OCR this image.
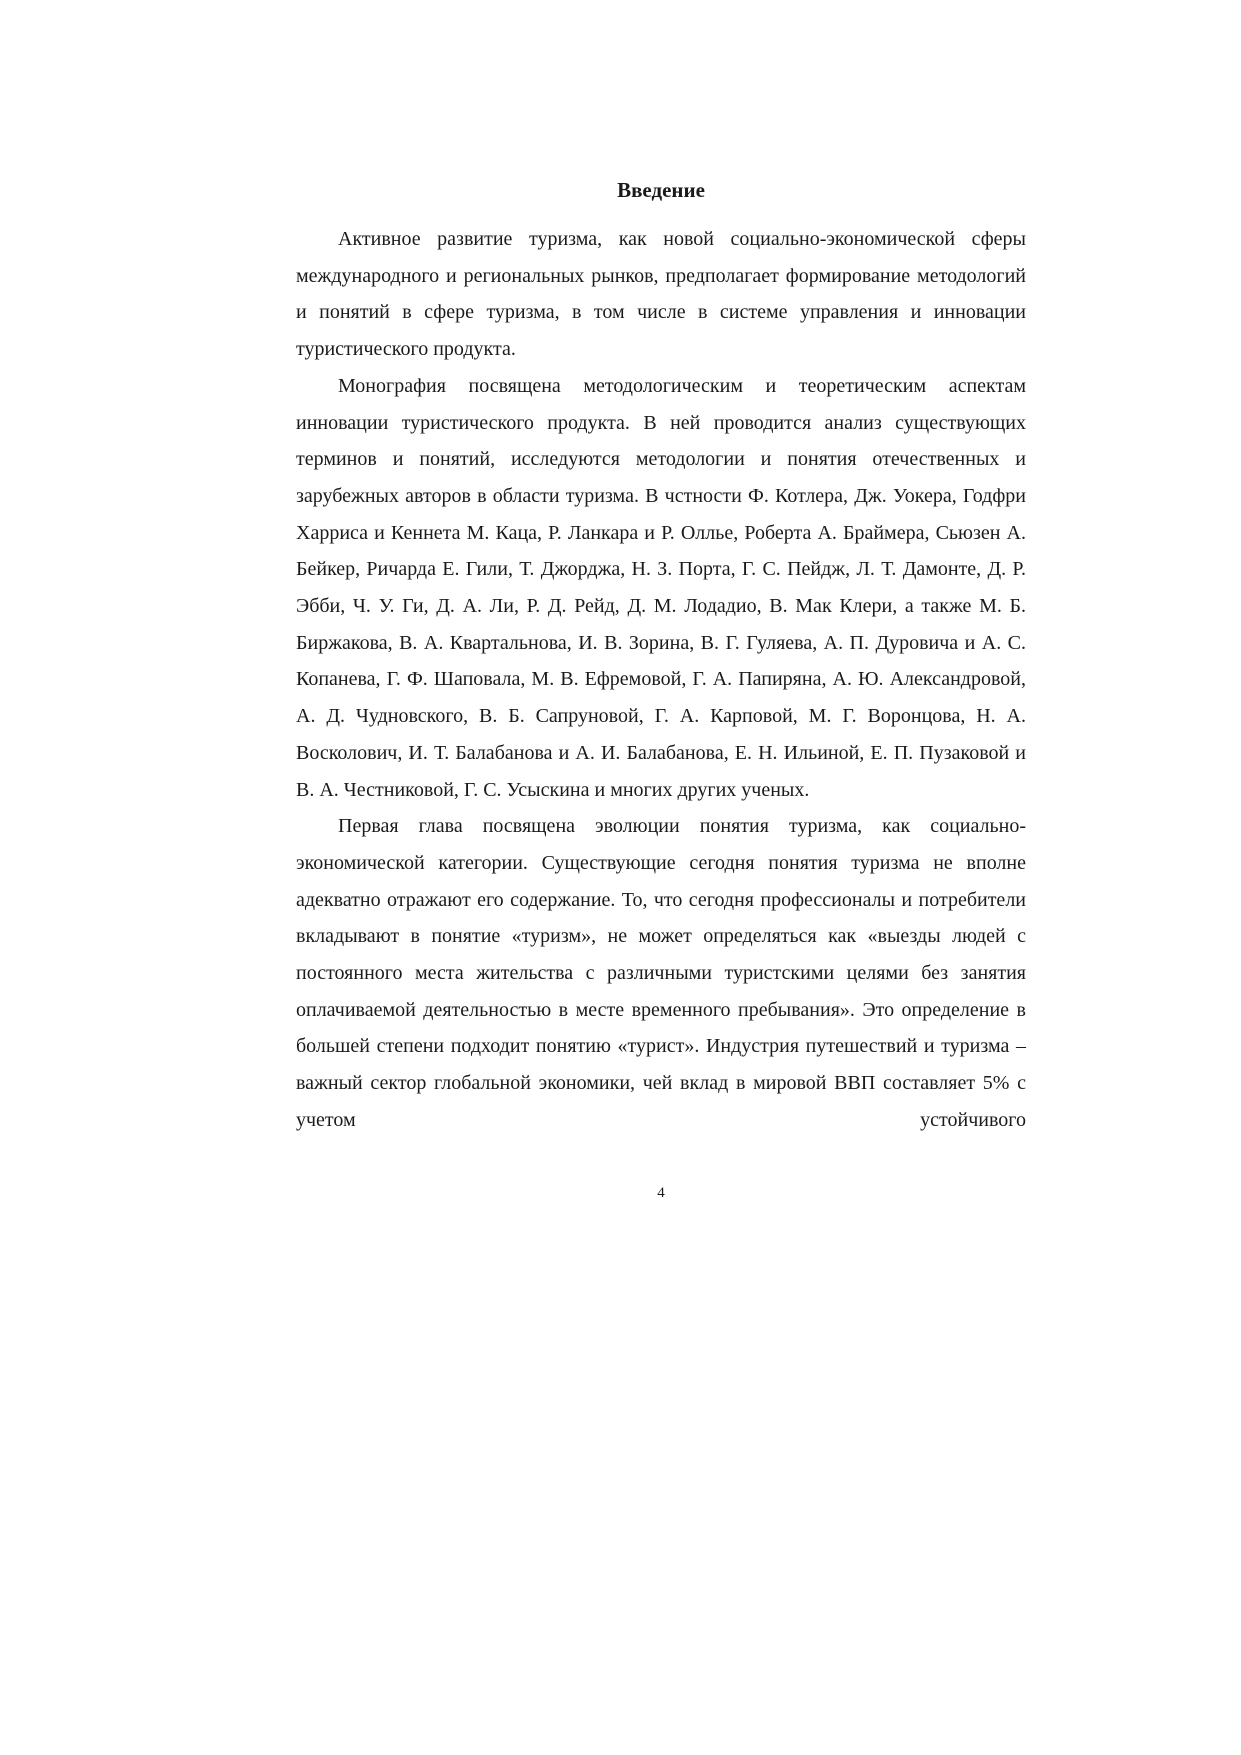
Введение

Активное развитие туризма, как новой социально-экономической сферы международного и региональных рынков, предполагает формирование методологий и понятий в сфере туризма, в том числе в системе управления и инновации туристического продукта.

Монография посвящена методологическим и теоретическим аспектам инновации туристического продукта. В ней проводится анализ существующих терминов и понятий, исследуются методологии и понятия отечественных и зарубежных авторов в области туризма. В чстности Ф. Котлера, Дж. Уокера, Годфри Харриса и Кеннета М. Каца, Р. Ланкара и Р. Оллье, Роберта А. Браймера, Сьюзен А. Бейкер, Ричарда Е. Гили, Т. Джорджа, Н. З. Порта, Г. С. Пейдж, Л. Т. Дамонте, Д. Р. Эбби, Ч. У. Ги, Д. А. Ли, Р. Д. Рейд, Д. М. Лодадио, В. Мак Клери, а также М. Б. Биржакова, В. А. Квартальнова, И. В. Зорина, В. Г. Гуляева, А. П. Дуровича и А. С. Копанева, Г. Ф. Шаповала, М. В. Ефремовой, Г. А. Папиряна, А. Ю. Александровой, А. Д. Чудновского, В. Б. Сапруновой, Г. А. Карповой, М. Г. Воронцова, Н. А. Восколович, И. Т. Балабанова и А. И. Балабанова, Е. Н. Ильиной, Е. П. Пузаковой и В. А. Честниковой, Г. С. Усыскина и многих других ученых.

Первая глава посвящена эволюции понятия туризма, как социально-экономической категории. Существующие сегодня понятия туризма не вполне адекватно отражают его содержание. То, что сегодня профессионалы и потребители вкладывают в понятие «туризм», не может определяться как «выезды людей с постоянного места жительства с различными туристскими целями без занятия оплачиваемой деятельностью в месте временного пребывания». Это определение в большей степени подходит понятию «турист». Индустрия путешествий и туризма – важный сектор глобальной экономики, чей вклад в мировой ВВП составляет 5% с учетом устойчивого

4
